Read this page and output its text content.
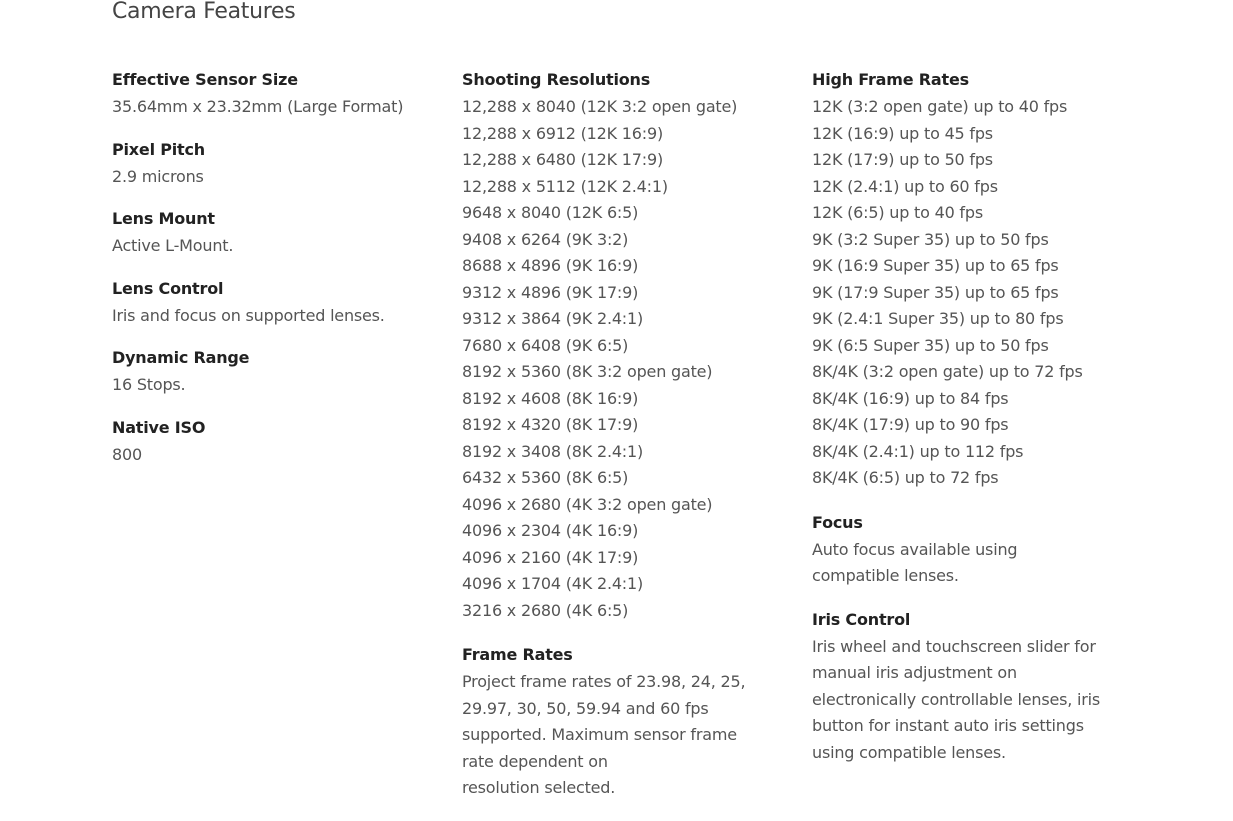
Camera Features
Effective Sensor Size

35.64mm x 23.32mm (Large Format)

Pixel Pitch

2.9 microns

Lens Mount

Active L-Mount.

Lens Control

Iris and focus on supported lenses.

Dynamic Range

16 Stops.

Native ISO

800

Shooting Resolutions
12,288 x 8040 (12K 3:2 open gate)
12,288 x 6912 (12K 16:9)
12,288 x 6480 (12K 17:9)
12,288 x 5112 (12K 2.4:1)
9648 x 8040 (12K 6:5)
9408 x 6264 (9K 3:2)
8688 x 4896 (9K 16:9)
9312 x 4896 (9K 17:9)
9312 x 3864 (9K 2.4:1)
7680 x 6408 (9K 6:5)
8192 x 5360 (8K 3:2 open gate)
8192 x 4608 (8K 16:9)
8192 x 4320 (8K 17:9)
8192 x 3408 (8K 2.4:1)
6432 x 5360 (8K 6:5)
4096 x 2680 (4K 3:2 open gate)
4096 x 2304 (4K 16:9)
4096 x 2160 (4K 17:9)
4096 x 1704 (4K 2.4:1)
3216 x 2680 (4K 6:5)
Frame Rates

Project frame rates of 23.98, 24, 25,
29.97, 30, 50, 59.94 and 60 fps
supported. Maximum sensor frame
rate dependent on
resolution selected.

High Frame Rates
12K (3:2 open gate) up to 40 fps
12K (16:9) up to 45 fps
12K (17:9) up to 50 fps
12K (2.4:1) up to 60 fps
12K (6:5) up to 40 fps
9K (3:2 Super 35) up to 50 fps
9K (16:9 Super 35) up to 65 fps
9K (17:9 Super 35) up to 65 fps
9K (2.4:1 Super 35) up to 80 fps
9K (6:5 Super 35) up to 50 fps
8K/4K (3:2 open gate) up to 72 fps
8K/4K (16:9) up to 84 fps
8K/4K (17:9) up to 90 fps
8K/4K (2.4:1) up to 112 fps
8K/4K (6:5) up to 72 fps
Focus

Auto focus available using
compatible lenses.

Iris Control

Iris wheel and touchscreen slider for
manual iris adjustment on
electronically controllable lenses, iris
button for instant auto iris settings
using compatible lenses.
